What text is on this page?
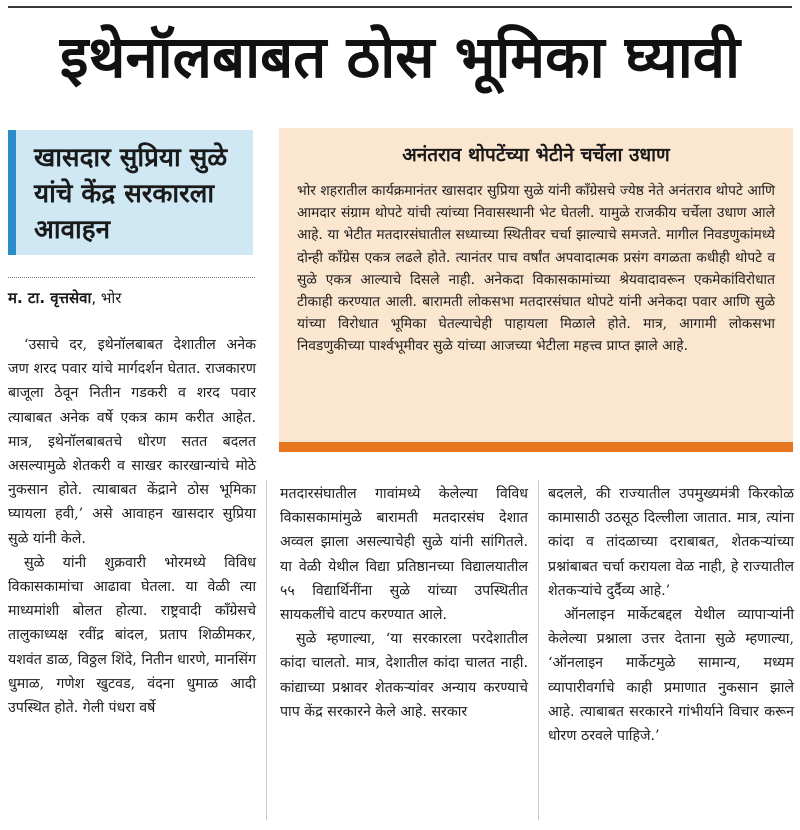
इथेनॉलबाबत ठोस भूमिका घ्यावी
खासदार सुप्रिया सुळे यांचे केंद्र सरकारला आवाहन
म. टा. वृत्तसेवा, भोर

‘उसाचे दर, इथेनॉलबाबत देशातील अनेक जण शरद पवार यांचे मार्गदर्शन घेतात. राजकारण बाजूला ठेवून नितीन गडकरी व शरद पवार त्याबाबत अनेक वर्षे एकत्र काम करीत आहेत. मात्र, इथेनॉलबाबतचे धोरण सतत बदलत असल्यामुळे शेतकरी व साखर कारखान्यांचे मोठे नुकसान होते. त्याबाबत केंद्राने ठोस भूमिका घ्यायला हवी,’ असे आवाहन खासदार सुप्रिया सुळे यांनी केले.

सुळे यांनी शुक्रवारी भोरमध्ये विविध विकासकामांचा आढावा घेतला. या वेळी त्या माध्यमांशी बोलत होत्या. राष्ट्रवादी काँग्रेसचे तालुकाध्यक्ष रवींद्र बांदल, प्रताप शिळीमकर, यशवंत डाळ, विठ्ठल शिंदे, नितीन धारणे, मानसिंग धुमाळ, गणेश खुटवड, वंदना धुमाळ आदी उपस्थित होते. गेली पंधरा वर्षे

अनंतराव थोपटेंच्या भेटीने चर्चेला उधाण
भोर शहरातील कार्यक्रमानंतर खासदार सुप्रिया सुळे यांनी काँग्रेसचे ज्येष्ठ नेते अनंतराव थोपटे आणि आमदार संग्राम थोपटे यांची त्यांच्या निवासस्थानी भेट घेतली. यामुळे राजकीय चर्चेला उधाण आले आहे. या भेटीत मतदारसंघातील सध्याच्या स्थितीवर चर्चा झाल्याचे समजते. मागील निवडणुकांमध्ये दोन्ही काँग्रेस एकत्र लढले होते. त्यानंतर पाच वर्षांत अपवादात्मक प्रसंग वगळता कधीही थोपटे व सुळे एकत्र आल्याचे दिसले नाही. अनेकदा विकासकामांच्या श्रेयवादावरून एकमेकांविरोधात टीकाही करण्यात आली. बारामती लोकसभा मतदारसंघात थोपटे यांनी अनेकदा पवार आणि सुळे यांच्या विरोधात भूमिका घेतल्याचेही पाहायला मिळाले होते. मात्र, आगामी लोकसभा निवडणुकीच्या पार्श्वभूमीवर सुळे यांच्या आजच्या भेटीला महत्त्व प्राप्त झाले आहे.

मतदारसंघातील गावांमध्ये केलेल्या विविध विकासकामांमुळे बारामती मतदारसंघ देशात अव्वल झाला असल्याचेही सुळे यांनी सांगितले. या वेळी येथील विद्या प्रतिष्ठानच्या विद्यालयातील ५५ विद्यार्थिनींना सुळे यांच्या उपस्थितीत सायकलींचे वाटप करण्यात आले.

सुळे म्हणाल्या, ‘या सरकारला परदेशातील कांदा चालतो. मात्र, देशातील कांदा चालत नाही. कांद्याच्या प्रश्नावर शेतकऱ्यांवर अन्याय करण्याचे पाप केंद्र सरकारने केले आहे. सरकार

बदलले, की राज्यातील उपमुख्यमंत्री किरकोळ कामासाठी उठसूठ दिल्लीला जातात. मात्र, त्यांना कांदा व तांदळाच्या दराबाबत, शेतकऱ्यांच्या प्रश्नांबाबत चर्चा करायला वेळ नाही, हे राज्यातील शेतकऱ्यांचे दुर्दैव्य आहे.’

ऑनलाइन मार्केटबद्दल येथील व्यापाऱ्यांनी केलेल्या प्रश्नाला उत्तर देताना सुळे म्हणाल्या, ‘ऑनलाइन मार्केटमुळे सामान्य, मध्यम व्यापारीवर्गाचे काही प्रमाणात नुकसान झाले आहे. त्याबाबत सरकारने गांभीर्याने विचार करून धोरण ठरवले पाहिजे.’
